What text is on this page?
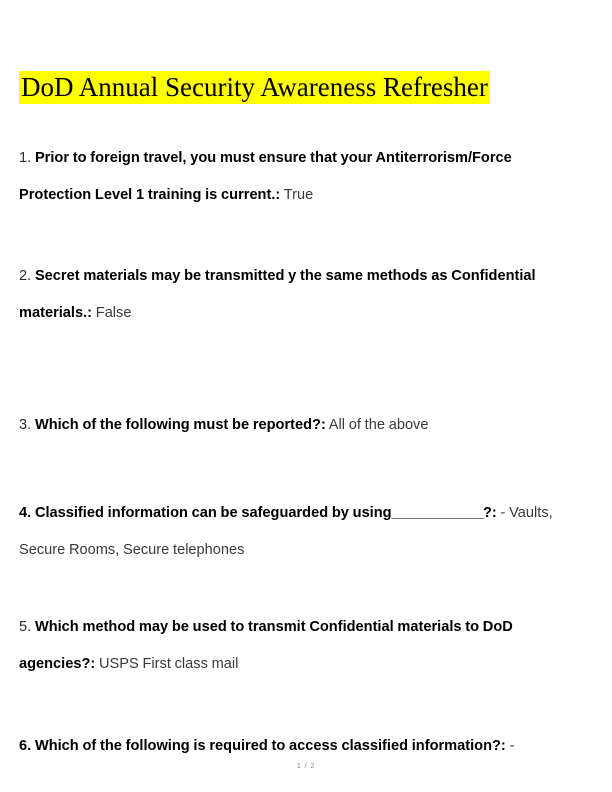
DoD Annual Security Awareness Refresher
1. Prior to foreign travel, you must ensure that your Antiterrorism/Force Protection Level 1 training is current.: True
2. Secret materials may be transmitted y the same methods as Confidential materials.: False
3. Which of the following must be reported?: All of the above
4. Classified information can be safeguarded by using____________?: - Vaults, Secure Rooms, Secure telephones
5. Which method may be used to transmit Confidential materials to DoD agencies?: USPS First class mail
6. Which of the following is required to access classified information?: -
1 / 2
